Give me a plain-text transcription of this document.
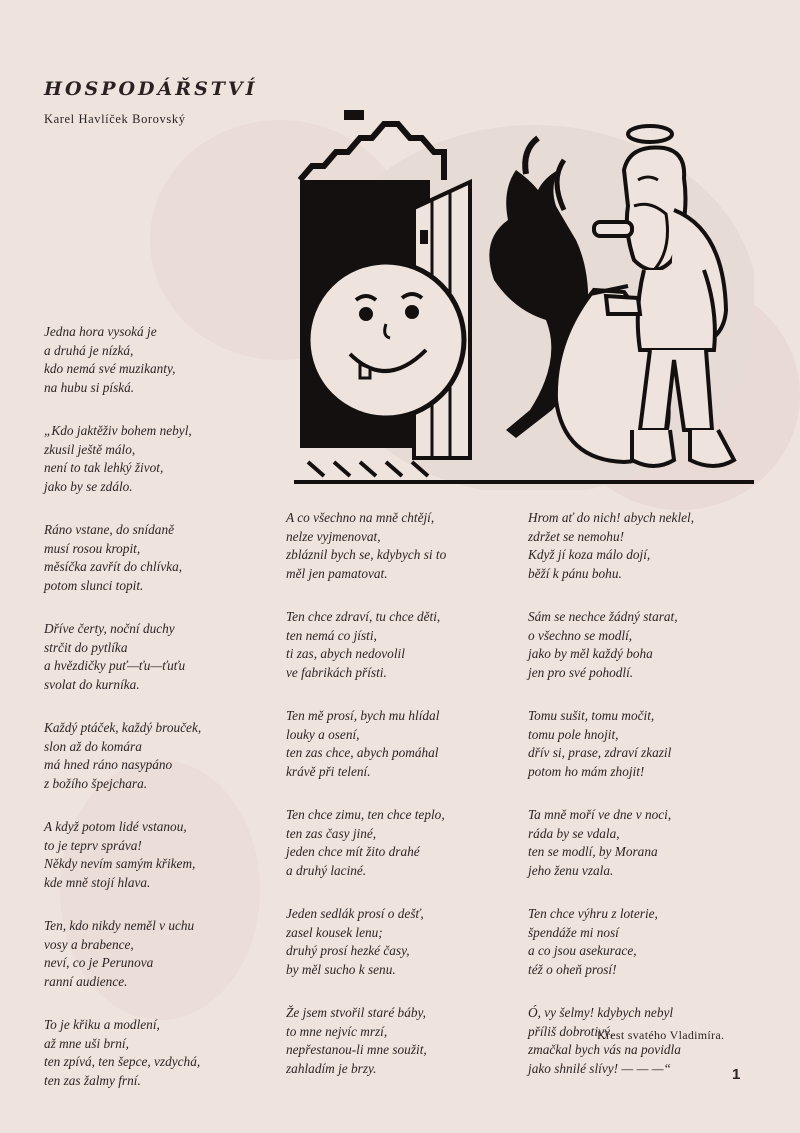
HOSPODÁŘSTVÍ
Karel Havlíček Borovský
Jedna hora vysoká je
a druhá je nízká,
kdo nemá své muzikanty,
na hubu si píská.
„Kdo jaktěživ bohem nebyl,
zkusil ještě málo,
není to tak lehký život,
jako by se zdálo.
Ráno vstane, do snídaně
musí rosou kropit,
měsíčka zavřít do chlívka,
potom slunci topit.
Dříve čerty, noční duchy
strčit do pytlíka
a hvězdičky puť—ťu—ťuťu
svolat do kurníka.
Každý ptáček, každý brouček,
slon až do komára
má hned ráno nasypáno
z božího špejchara.
A když potom lidé vstanou,
to je teprv správa!
Někdy nevím samým křikem,
kde mně stojí hlava.
Ten, kdo nikdy neměl v uchu
vosy a brabence,
neví, co je Perunova
ranní audience.
To je křiku a modlení,
až mne uši brní,
ten zpívá, ten šepce, vzdychá,
ten zas žalmy frní.
A co všechno na mně chtějí,
nelze vyjmenovat,
zbláznil bych se, kdybych si to
měl jen pamatovat.
Ten chce zdraví, tu chce děti,
ten nemá co jísti,
ti zas, abych nedovolil
ve fabrikách přísti.
Ten mě prosí, bych mu hlídal
louky a osení,
ten zas chce, abych pomáhal
krávě při telení.
Ten chce zimu, ten chce teplo,
ten zas časy jiné,
jeden chce mít žito drahé
a druhý laciné.
Jeden sedlák prosí o dešť,
zasel kousek lenu;
druhý prosí hezké časy,
by měl sucho k senu.
Že jsem stvořil staré báby,
to mne nejvíc mrzí,
nepřestanou-li mne soužit,
zahladím je brzy.
Hrom ať do nich! abych neklel,
zdržet se nemohu!
Když jí koza málo dojí,
běží k pánu bohu.
Sám se nechce žádný starat,
o všechno se modlí,
jako by měl každý boha
jen pro své pohodlí.
Tomu sušit, tomu močit,
tomu pole hnojit,
dřív si, prase, zdraví zkazil
potom ho mám zhojit!
Ta mně moří ve dne v noci,
ráda by se vdala,
ten se modlí, by Morana
jeho ženu vzala.
Ten chce výhru z loterie,
špendáže mi nosí
a co jsou asekurace,
též o oheň prosí!
Ó, vy šelmy! kdybych nebyl
příliš dobrotivý,
zmačkal bych vás na povidla
jako shnilé slívy! — — —“
Křest svatého Vladimíra.
1
